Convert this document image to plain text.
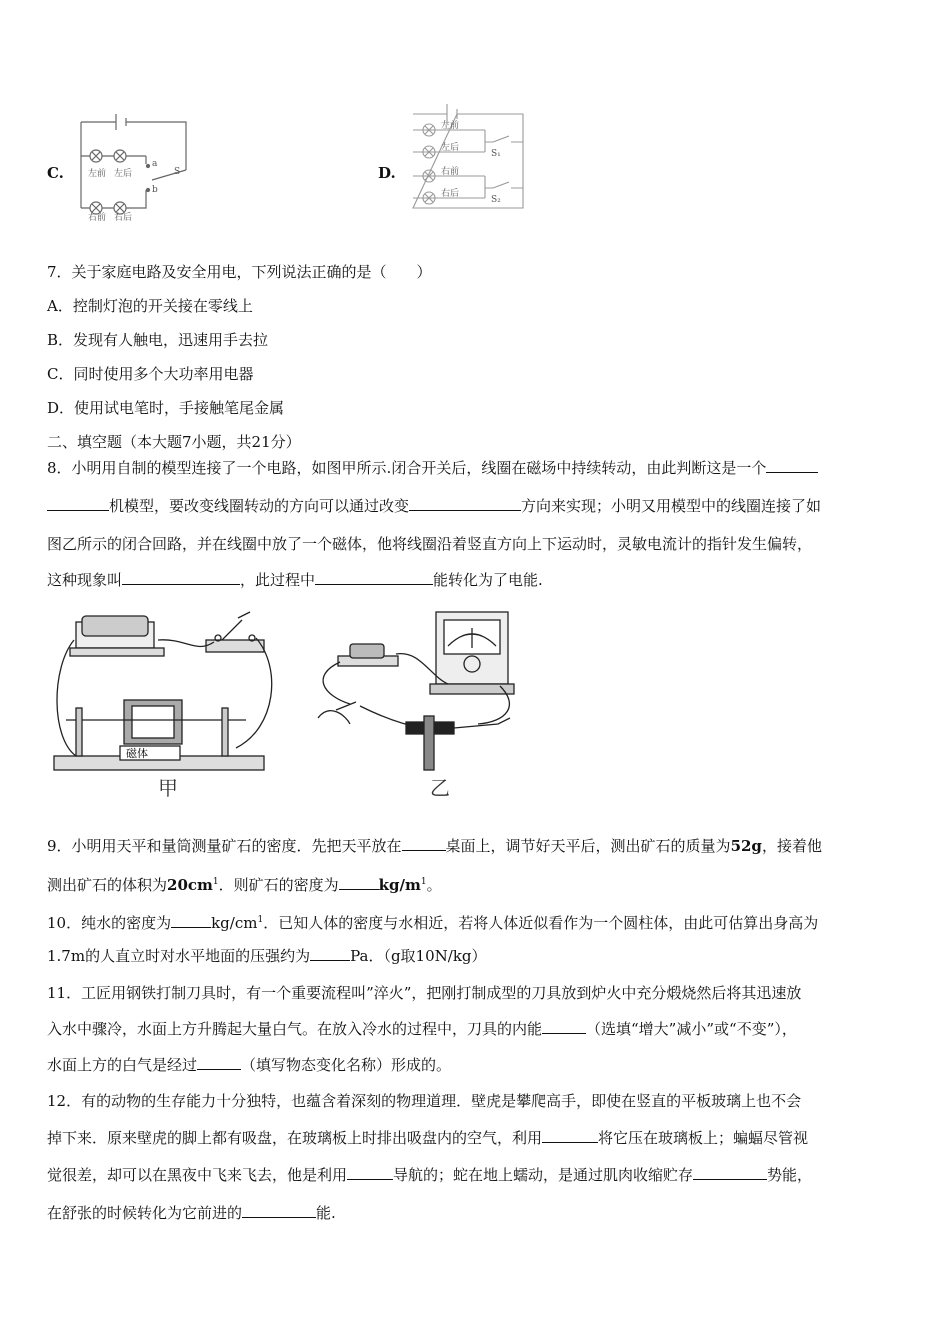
C.	左前 左后
右前 右后
S
a
b
D.
左前
左后
右前
右后
S₁
S₂
7．关于家庭电路及安全用电，下列说法正确的是（　　）
A．控制灯泡的开关接在零线上
B．发现有人触电，迅速用手去拉
C．同时使用多个大功率用电器
D．使用试电笔时，手接触笔尾金属
二、填空题（本大题7小题，共21分）
8．小明用自制的模型连接了一个电路，如图甲所示.闭合开关后，线圈在磁场中持续转动，由此判断这是一个
机模型，要改变线圈转动的方向可以通过改变	方向来实现；小明又用模型中的线圈连接了如
图乙所示的闭合回路，并在线圈中放了一个磁体，他将线圈沿着竖直方向上下运动时，灵敏电流计的指针发生偏转，
这种现象叫	，此过程中	能转化为了电能.
磁体
甲	乙
9．小明用天平和量筒测量矿石的密度．先把天平放在	桌面上，调节好天平后，测出矿石的质量为52g，接着他
测出矿石的体积为$20cm^1$．则矿石的密度为	$kg/m^1$。
10．纯水的密度为	$kg/cm^1$．已知人体的密度与水相近，若将人体近似看作为一个圆柱体，由此可估算出身高为
1.7m的人直立时对水平地面的压强约为	Pa．（g取10N/kg）
11．工匠用钢铁打制刀具时，有一个重要流程叫”淬火”，把刚打制成型的刀具放到炉火中充分煅烧然后将其迅速放
入水中骤冷，水面上方升腾起大量白气。在放入冷水的过程中，刀具的内能	（选填“增大”减小”或“不变”），
水面上方的白气是经过	（填写物态变化名称）形成的。
12．有的动物的生存能力十分独特，也蕴含着深刻的物理道理．壁虎是攀爬高手，即使在竖直的平板玻璃上也不会
掉下来．原来壁虎的脚上都有吸盘，在玻璃板上时排出吸盘内的空气，利用	将它压在玻璃板上；蝙蝠尽管视
觉很差，却可以在黑夜中飞来飞去，他是利用	导航的；蛇在地上蠕动，是通过肌肉收缩贮存	势能，
在舒张的时候转化为它前进的	能.
